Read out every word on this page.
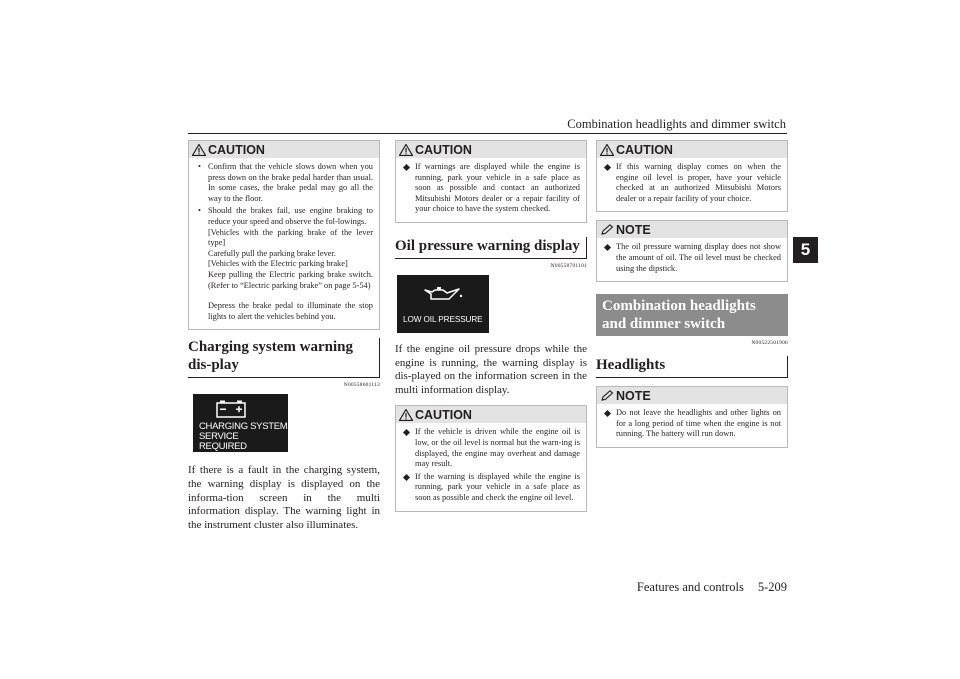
Combination headlights and dimmer switch
5
CAUTION
• Confirm that the vehicle slows down when you press down on the brake pedal harder than usual. In some cases, the brake pedal may go all the way to the floor.
• Should the brakes fail, use engine braking to reduce your speed and observe the fol-lowings.
[Vehicles with the parking brake of the lever type]
Carefully pull the parking brake lever.
[Vehicles with the Electric parking brake]
Keep pulling the Electric parking brake switch. (Refer to “Electric parking brake” on page 5-54)
Depress the brake pedal to illuminate the stop lights to alert the vehicles behind you.
Charging system warning dis-play
N00558601113
CHARGING SYSTEM
SERVICE REQUIRED
If there is a fault in the charging system, the warning display is displayed on the informa-tion screen in the multi information display. The warning light in the instrument cluster also illuminates.
CAUTION
If warnings are displayed while the engine is running, park your vehicle in a safe place as soon as possible and contact an authorized Mitsubishi Motors dealer or a repair facility of your choice to have the system checked.
Oil pressure warning display
N00558701101
LOW OIL PRESSURE
If the engine oil pressure drops while the engine is running, the warning display is dis-played on the information screen in the multi information display.
CAUTION
If the vehicle is driven while the engine oil is low, or the oil level is normal but the warn-ing is displayed, the engine may overheat and damage may result.
If the warning is displayed while the engine is running, park your vehicle in a safe place as soon as possible and check the engine oil level.
CAUTION
If this warning display comes on when the engine oil level is proper, have your vehicle checked at an authorized Mitsubishi Motors dealer or a repair facility of your choice.
NOTE
The oil pressure warning display does not show the amount of oil. The oil level must be checked using the dipstick.
Combination headlights and dimmer switch
N00522501906
Headlights
NOTE
Do not leave the headlights and other lights on for a long period of time when the engine is not running. The battery will run down.
Features and controls 5-209
